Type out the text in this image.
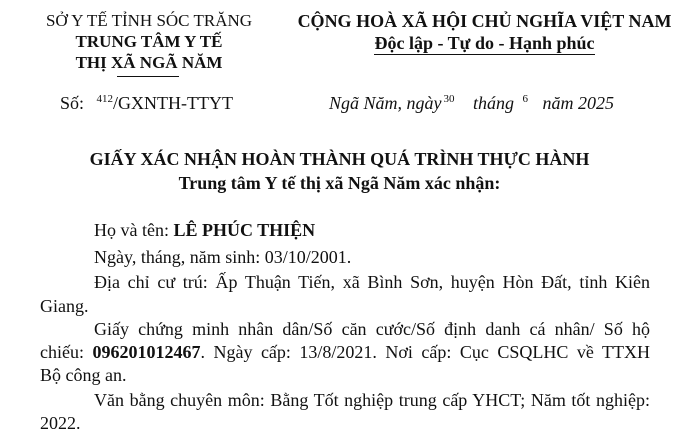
SỞ Y TẾ TỈNH SÓC TRĂNG
TRUNG TÂM Y TẾ
THỊ XÃ NGÃ NĂM
CỘNG HOÀ XÃ HỘI CHỦ NGHĨA VIỆT NAM
Độc lập - Tự do - Hạnh phúc
Số: $^{412}$/GXNTH-TTYT	Ngã Năm, ngày $^{30}$ tháng $^6$ năm 2025
GIẤY XÁC NHẬN HOÀN THÀNH QUÁ TRÌNH THỰC HÀNH
Trung tâm Y tế thị xã Ngã Năm xác nhận:
Họ và tên: LÊ PHÚC THIỆN
Ngày, tháng, năm sinh: 03/10/2001.
Địa chỉ cư trú: Ấp Thuận Tiến, xã Bình Sơn, huyện Hòn Đất, tỉnh Kiên
Giang.
Giấy chứng minh nhân dân/Số căn cước/Số định danh cá nhân/ Số hộ
chiếu: 096201012467. Ngày cấp: 13/8/2021. Nơi cấp: Cục CSQLHC về TTXH
Bộ công an.
Văn bằng chuyên môn: Bằng Tốt nghiệp trung cấp YHCT; Năm tốt nghiệp:
2022.
